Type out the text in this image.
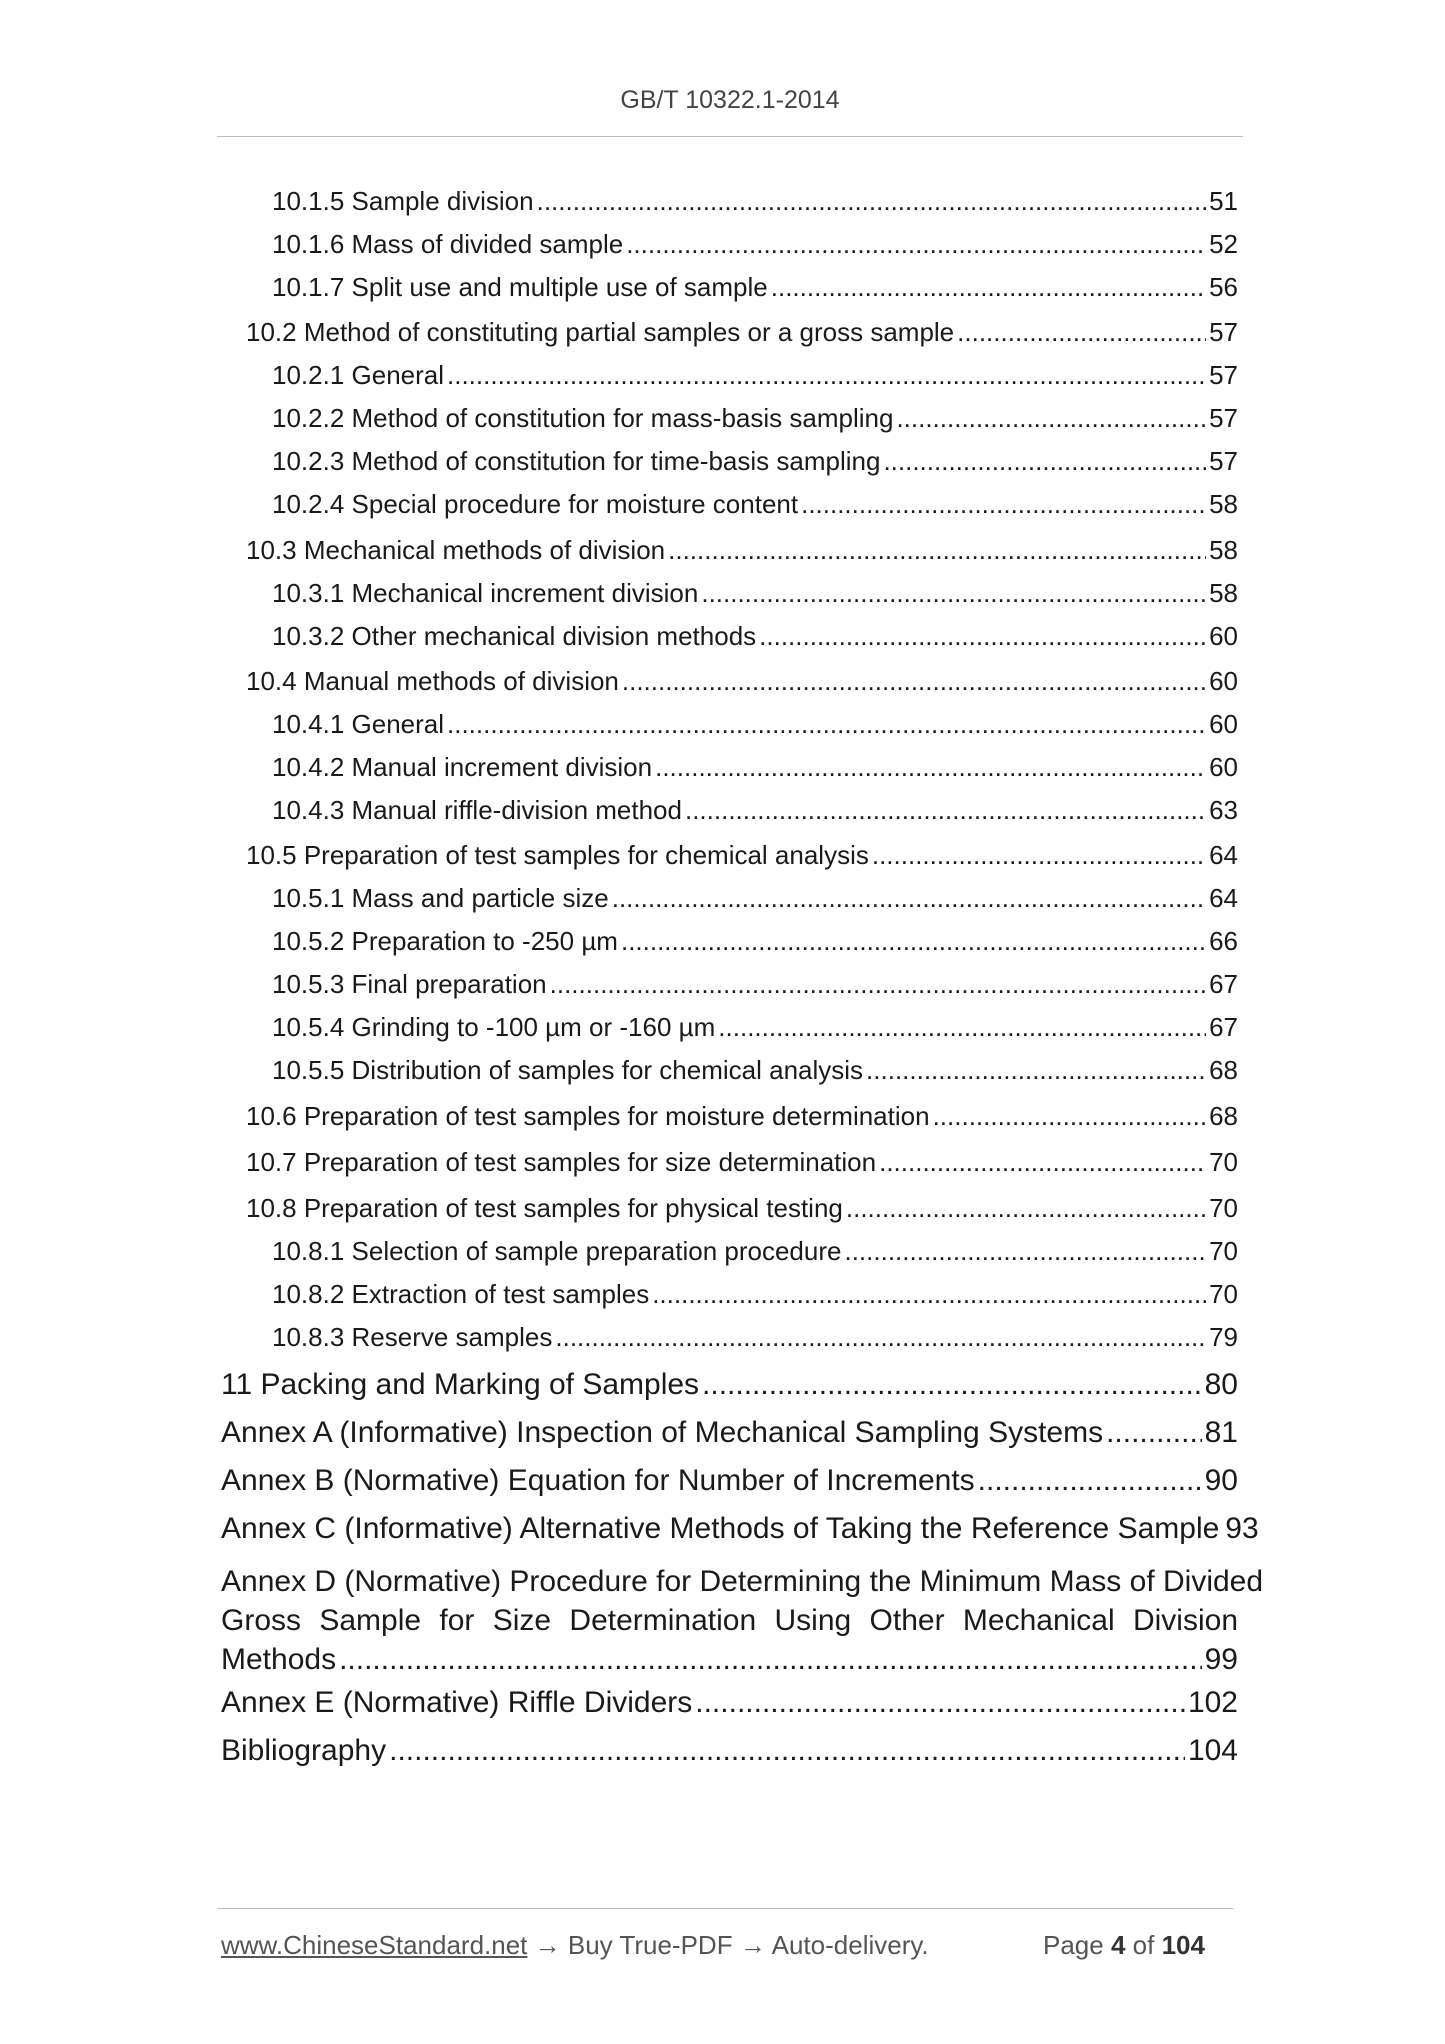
GB/T 10322.1-2014
10.1.5 Sample division .....	51
10.1.6 Mass of divided sample .....	52
10.1.7 Split use and multiple use of sample .....	56
10.2 Method of constituting partial samples or a gross sample .....	57
10.2.1 General .....	57
10.2.2 Method of constitution for mass-basis sampling .....	57
10.2.3 Method of constitution for time-basis sampling .....	57
10.2.4 Special procedure for moisture content .....	58
10.3 Mechanical methods of division .....	58
10.3.1 Mechanical increment division .....	58
10.3.2 Other mechanical division methods .....	60
10.4 Manual methods of division .....	60
10.4.1 General .....	60
10.4.2 Manual increment division .....	60
10.4.3 Manual riffle-division method .....	63
10.5 Preparation of test samples for chemical analysis .....	64
10.5.1 Mass and particle size .....	64
10.5.2 Preparation to -250 µm .....	66
10.5.3 Final preparation .....	67
10.5.4 Grinding to -100 µm or -160 µm .....	67
10.5.5 Distribution of samples for chemical analysis .....	68
10.6 Preparation of test samples for moisture determination .....	68
10.7 Preparation of test samples for size determination .....	70
10.8 Preparation of test samples for physical testing .....	70
10.8.1 Selection of sample preparation procedure .....	70
10.8.2 Extraction of test samples .....	70
10.8.3 Reserve samples .....	79
11 Packing and Marking of Samples .....	80
Annex A (Informative) Inspection of Mechanical Sampling Systems .....	81
Annex B (Normative) Equation for Number of Increments .....	90
Annex C (Informative) Alternative Methods of Taking the Reference Sample 93
Annex D (Normative) Procedure for Determining the Minimum Mass of Divided
Gross Sample for Size Determination Using Other Mechanical Division
Methods .....	99
Annex E (Normative) Riffle Dividers .....	102
Bibliography .....	104
www.ChineseStandard.net → Buy True-PDF → Auto-delivery.	Page 4 of 104
